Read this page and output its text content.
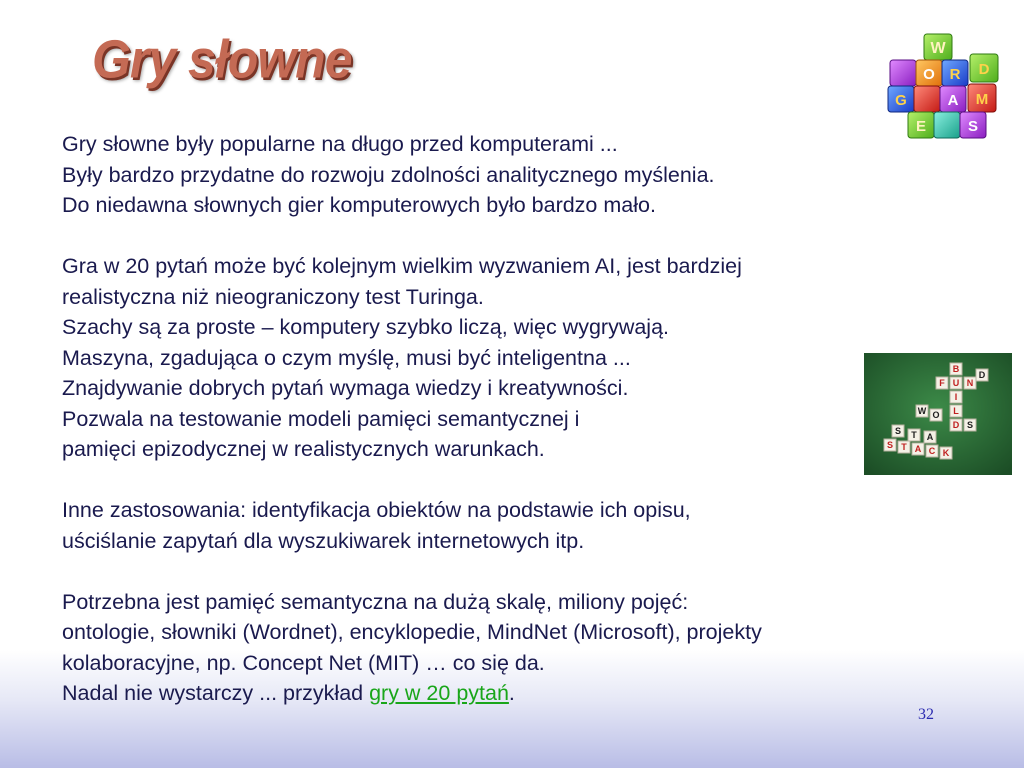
Gry słowne	W
O R D
G	A M
E	S
B
U
I
L
D
F N
W O
S
S T A C K
S T A
D
Gry słowne były popularne na długo przed komputerami ...
Były bardzo przydatne do rozwoju zdolności analitycznego myślenia.
Do niedawna słownych gier komputerowych było bardzo mało.
Gra w 20 pytań może być kolejnym wielkim wyzwaniem AI, jest bardziej
realistyczna niż nieograniczony test Turinga.
Szachy są za proste – komputery szybko liczą, więc wygrywają.
Maszyna, zgadująca o czym myślę, musi być inteligentna ...
Znajdywanie dobrych pytań wymaga wiedzy i kreatywności.
Pozwala na testowanie modeli pamięci semantycznej i
pamięci epizodycznej w realistycznych warunkach.
Inne zastosowania: identyfikacja obiektów na podstawie ich opisu,
uściślanie zapytań dla wyszukiwarek internetowych itp.
Potrzebna jest pamięć semantyczna na dużą skalę, miliony pojęć:
ontologie, słowniki (Wordnet), encyklopedie, MindNet (Microsoft), projekty
kolaboracyjne, np. Concept Net (MIT) … co się da.
Nadal nie wystarczy ... przykład gry w 20 pytań.
32
